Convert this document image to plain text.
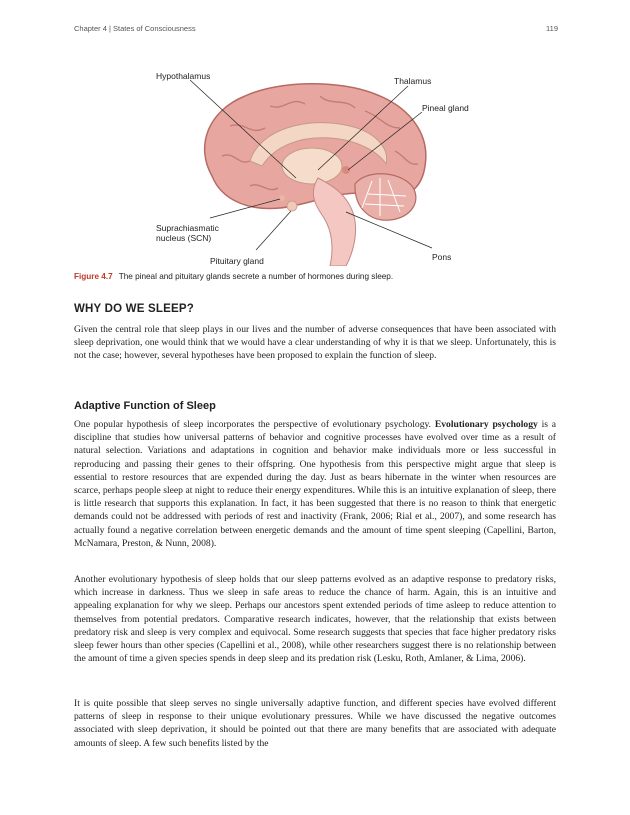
Chapter 4 | States of Consciousness	119
Hypothalamus	Thalamus
Pineal gland
Suprachiasmatic
nucleus (SCN)
Pituitary gland	Pons
Figure 4.7 The pineal and pituitary glands secrete a number of hormones during sleep.
WHY DO WE SLEEP?

Given the central role that sleep plays in our lives and the number of adverse consequences that have been associated with sleep deprivation, one would think that we would have a clear understanding of why it is that we sleep. Unfortunately, this is not the case; however, several hypotheses have been proposed to explain the function of sleep.

Adaptive Function of Sleep

One popular hypothesis of sleep incorporates the perspective of evolutionary psychology. Evolutionary psychology is a discipline that studies how universal patterns of behavior and cognitive processes have evolved over time as a result of natural selection. Variations and adaptations in cognition and behavior make individuals more or less successful in reproducing and passing their genes to their offspring. One hypothesis from this perspective might argue that sleep is essential to restore resources that are expended during the day. Just as bears hibernate in the winter when resources are scarce, perhaps people sleep at night to reduce their energy expenditures. While this is an intuitive explanation of sleep, there is little research that supports this explanation. In fact, it has been suggested that there is no reason to think that energetic demands could not be addressed with periods of rest and inactivity (Frank, 2006; Rial et al., 2007), and some research has actually found a negative correlation between energetic demands and the amount of time spent sleeping (Capellini, Barton, McNamara, Preston, & Nunn, 2008).

Another evolutionary hypothesis of sleep holds that our sleep patterns evolved as an adaptive response to predatory risks, which increase in darkness. Thus we sleep in safe areas to reduce the chance of harm. Again, this is an intuitive and appealing explanation for why we sleep. Perhaps our ancestors spent extended periods of time asleep to reduce attention to themselves from potential predators. Comparative research indicates, however, that the relationship that exists between predatory risk and sleep is very complex and equivocal. Some research suggests that species that face higher predatory risks sleep fewer hours than other species (Capellini et al., 2008), while other researchers suggest there is no relationship between the amount of time a given species spends in deep sleep and its predation risk (Lesku, Roth, Amlaner, & Lima, 2006).

It is quite possible that sleep serves no single universally adaptive function, and different species have evolved different patterns of sleep in response to their unique evolutionary pressures. While we have discussed the negative outcomes associated with sleep deprivation, it should be pointed out that there are many benefits that are associated with adequate amounts of sleep. A few such benefits listed by the
